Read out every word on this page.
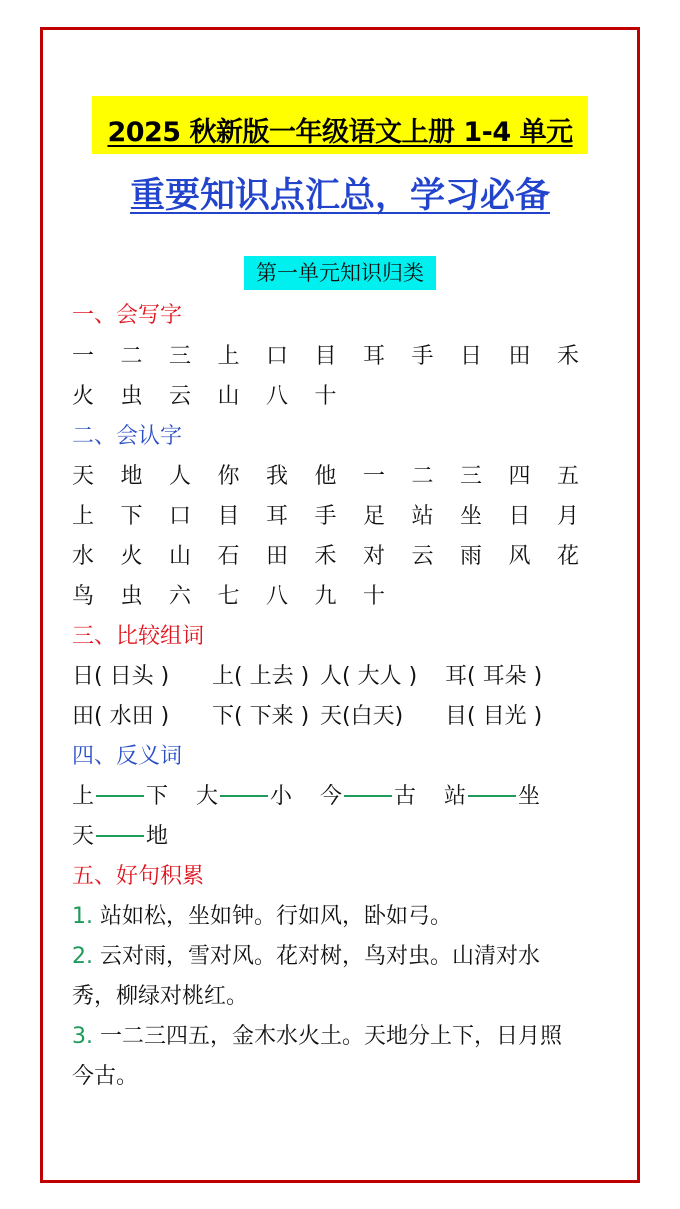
2025 秋新版一年级语文上册 1-4 单元
重要知识点汇总，学习必备
第一单元知识归类
一、会写字
一	二	三	上	口	目	耳	手	日	田	禾
火	虫	云	山	八	十
二、会认字
天	地	人	你	我	他	一	二	三	四	五
上	下	口	目	耳	手	足	站	坐	日	月
水	火	山	石	田	禾	对	云	雨	风	花
鸟	虫	六	七	八	九	十
三、比较组词
日( 日头 )	上( 上去 ) 人( 大人 )	耳( 耳朵 )
田( 水田 )	下( 下来 ) 天(白天)	目( 目光 )
四、反义词
上 下 大 小 今 古 站 坐
天 地
五、好句积累
1. 站如松，坐如钟。行如风，卧如弓。
2. 云对雨，雪对风。花对树，鸟对虫。山清对水
秀，柳绿对桃红。
3. 一二三四五，金木水火土。天地分上下，日月照
今古。
